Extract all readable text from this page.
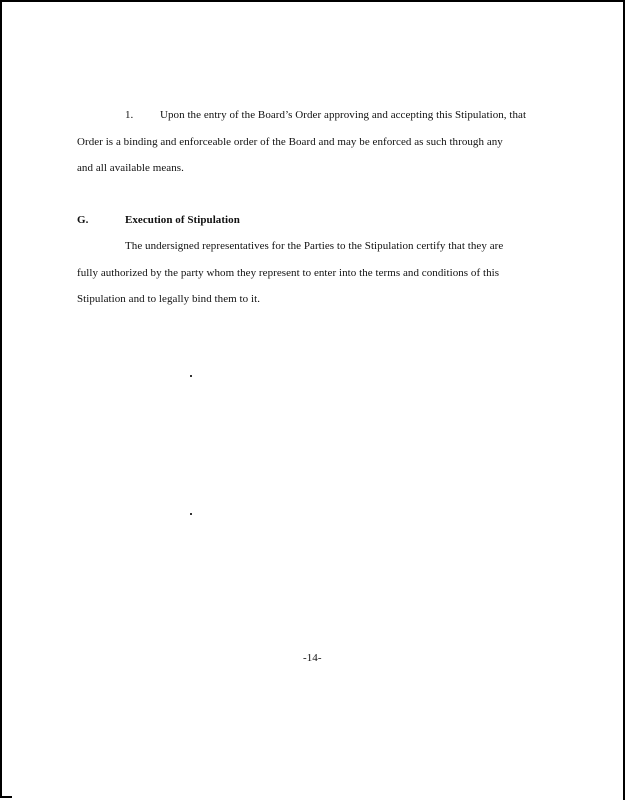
1. Upon the entry of the Board’s Order approving and accepting this Stipulation, that
Order is a binding and enforceable order of the Board and may be enforced as such through any
and all available means.
G.	Execution of Stipulation
The undersigned representatives for the Parties to the Stipulation certify that they are
fully authorized by the party whom they represent to enter into the terms and conditions of this
Stipulation and to legally bind them to it.
-14-
